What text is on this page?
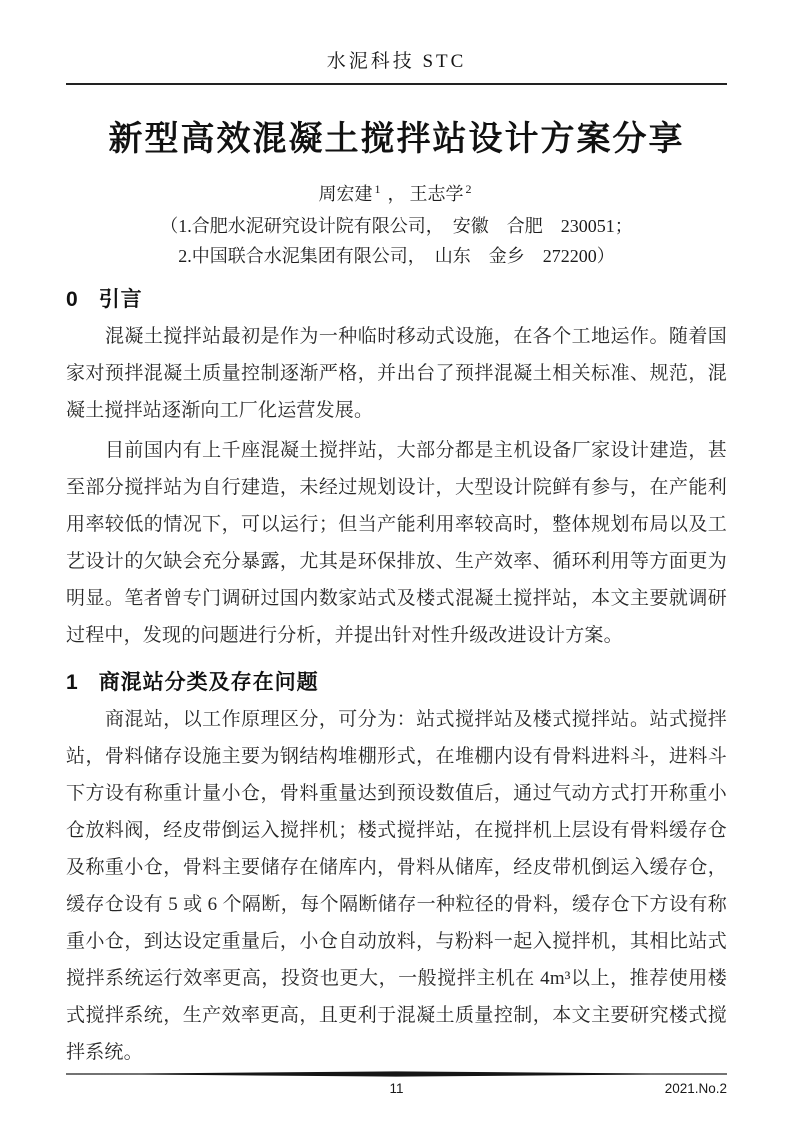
水泥科技 STC
新型高效混凝土搅拌站设计方案分享
周宏建 $^1$ ， 王志学 $^2$
（1.合肥水泥研究设计院有限公司，　安徽　合肥　230051；
2.中国联合水泥集团有限公司，　山东　金乡　272200）
0 引言

混凝土搅拌站最初是作为一种临时移动式设施，在各个工地运作。随着国家对预拌混凝土质量控制逐渐严格，并出台了预拌混凝土相关标准、规范，混凝土搅拌站逐渐向工厂化运营发展。

目前国内有上千座混凝土搅拌站，大部分都是主机设备厂家设计建造，甚至部分搅拌站为自行建造，未经过规划设计，大型设计院鲜有参与，在产能利用率较低的情况下，可以运行；但当产能利用率较高时，整体规划布局以及工艺设计的欠缺会充分暴露，尤其是环保排放、生产效率、循环利用等方面更为明显。笔者曾专门调研过国内数家站式及楼式混凝土搅拌站，本文主要就调研过程中，发现的问题进行分析，并提出针对性升级改进设计方案。

1 商混站分类及存在问题

商混站，以工作原理区分，可分为：站式搅拌站及楼式搅拌站。站式搅拌站，骨料储存设施主要为钢结构堆棚形式，在堆棚内设有骨料进料斗，进料斗下方设有称重计量小仓，骨料重量达到预设数值后，通过气动方式打开称重小仓放料阀，经皮带倒运入搅拌机；楼式搅拌站，在搅拌机上层设有骨料缓存仓及称重小仓，骨料主要储存在储库内，骨料从储库，经皮带机倒运入缓存仓，缓存仓设有 5 或 6 个隔断，每个隔断储存一种粒径的骨料，缓存仓下方设有称重小仓，到达设定重量后，小仓自动放料，与粉料一起入搅拌机，其相比站式搅拌系统运行效率更高，投资也更大，一般搅拌主机在 4m³以上，推荐使用楼式搅拌系统，生产效率更高，且更利于混凝土质量控制，本文主要研究楼式搅拌系统。

11	2021.No.2
